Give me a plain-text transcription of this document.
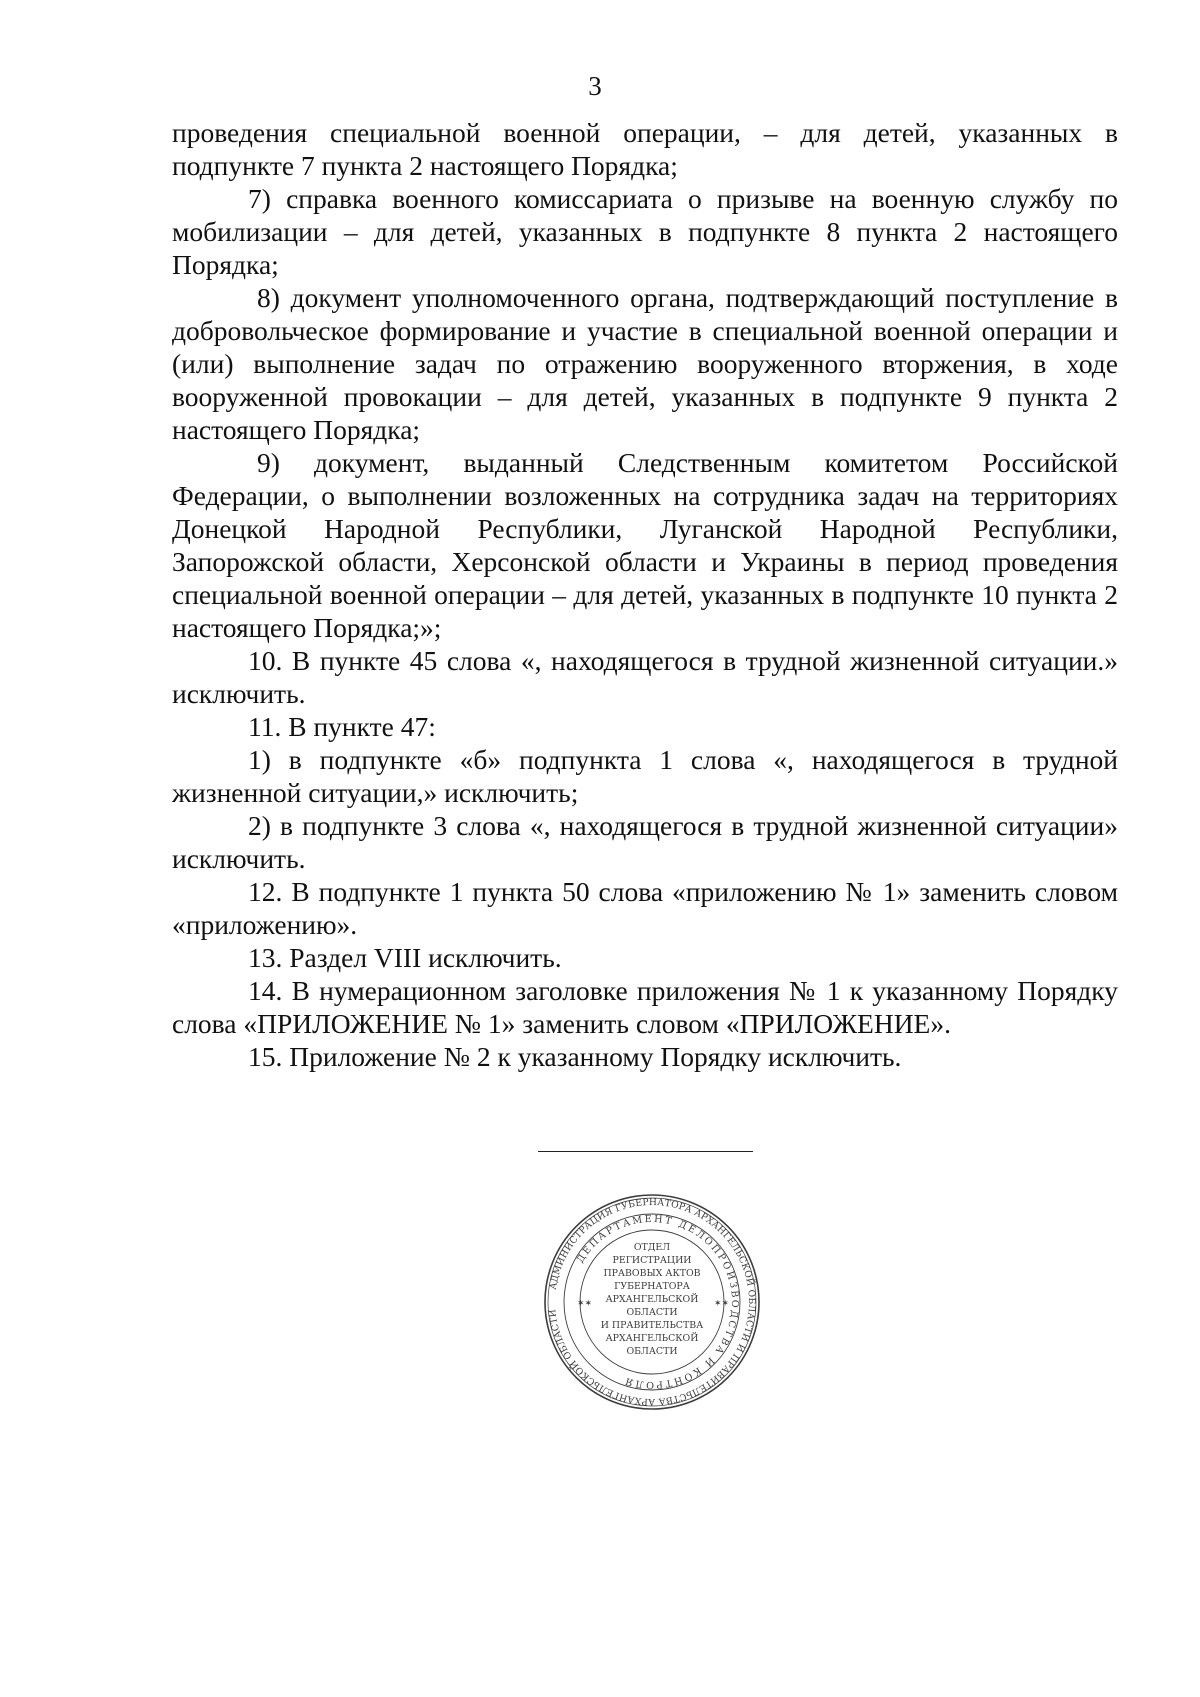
3

проведения специальной военной операции, – для детей, указанных в подпункте 7 пункта 2 настоящего Порядка;

7) справка военного комиссариата о призыве на военную службу по мобилизации – для детей, указанных в подпункте 8 пункта 2 настоящего Порядка;

8) документ уполномоченного органа, подтверждающий поступление в добровольческое формирование и участие в специальной военной операции и (или) выполнение задач по отражению вооруженного вторжения, в ходе вооруженной провокации – для детей, указанных в подпункте 9 пункта 2 настоящего Порядка;

9) документ, выданный Следственным комитетом Российской Федерации, о выполнении возложенных на сотрудника задач на территориях Донецкой Народной Республики, Луганской Народной Республики, Запорожской области, Херсонской области и Украины в период проведения специальной военной операции – для детей, указанных в подпункте 10 пункта 2 настоящего Порядка;»;

10. В пункте 45 слова «, находящегося в трудной жизненной ситуации.» исключить.

11. В пункте 47:

1) в подпункте «б» подпункта 1 слова «, находящегося в трудной жизненной ситуации,» исключить;

2) в подпункте 3 слова «, находящегося в трудной жизненной ситуации» исключить.

12. В подпункте 1 пункта 50 слова «приложению № 1» заменить словом «приложению».

13. Раздел VIII исключить.

14. В нумерационном заголовке приложения № 1 к указанному Порядку слова «ПРИЛОЖЕНИЕ № 1» заменить словом «ПРИЛОЖЕНИЕ».

15. Приложение № 2 к указанному Порядку исключить.

АДМИНИСТРАЦИЯ ГУБЕРНАТОРА АРХАНГЕЛЬСКОЙ ОБЛАСТИ И ПРАВИТЕЛЬСТВА АРХАНГЕЛЬСКОЙ ОБЛАСТИ
ДЕПАРТАМЕНТ ДЕЛОПРОИЗВОДСТВА И КОНТРОЛЯ
✶✶	✶✶
ОТДЕЛ
РЕГИСТРАЦИИ
ПРАВОВЫХ АКТОВ
ГУБЕРНАТОРА
АРХАНГЕЛЬСКОЙ
ОБЛАСТИ
И ПРАВИТЕЛЬСТВА
АРХАНГЕЛЬСКОЙ
ОБЛАСТИ
